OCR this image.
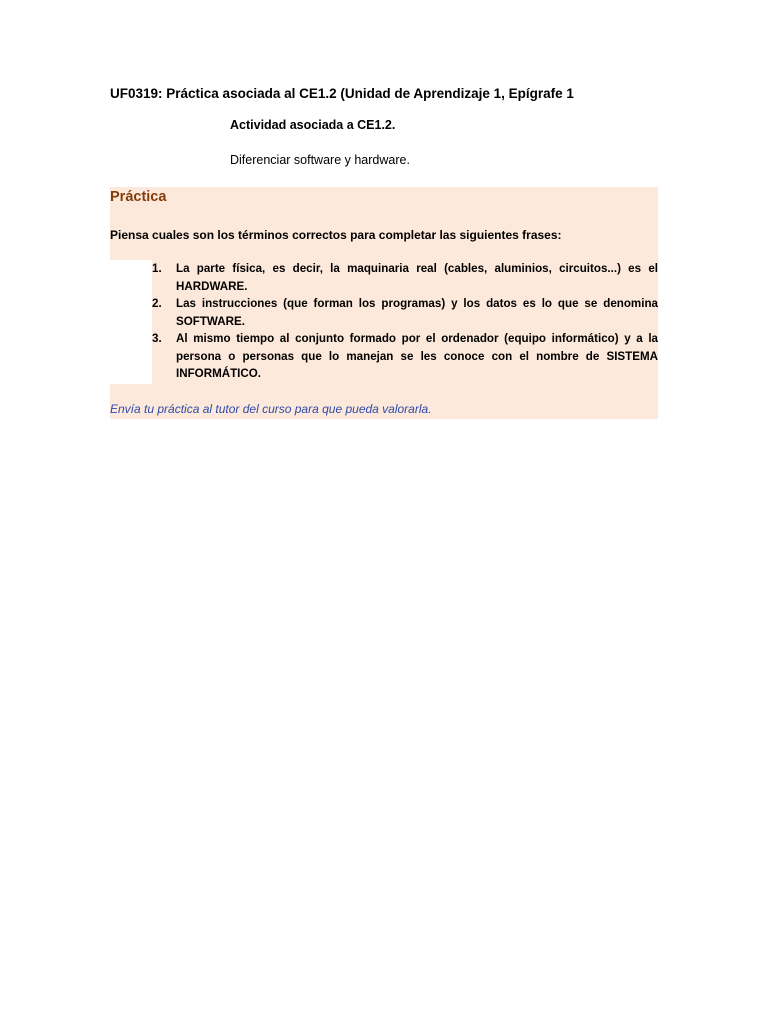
UF0319: Práctica asociada al CE1.2 (Unidad de Aprendizaje 1, Epígrafe 1
Actividad asociada a CE1.2.
Diferenciar software y hardware.
Práctica
Piensa cuales son los términos correctos para completar las siguientes frases:
1. La parte física, es decir, la maquinaria real (cables, aluminios, circuitos...) es el HARDWARE.
2. Las instrucciones (que forman los programas) y los datos es lo que se denomina SOFTWARE.
3. Al mismo tiempo al conjunto formado por el ordenador (equipo informático) y a la persona o personas que lo manejan se les conoce con el nombre de SISTEMA INFORMÁTICO.
Envía tu práctica al tutor del curso para que pueda valorarla.
